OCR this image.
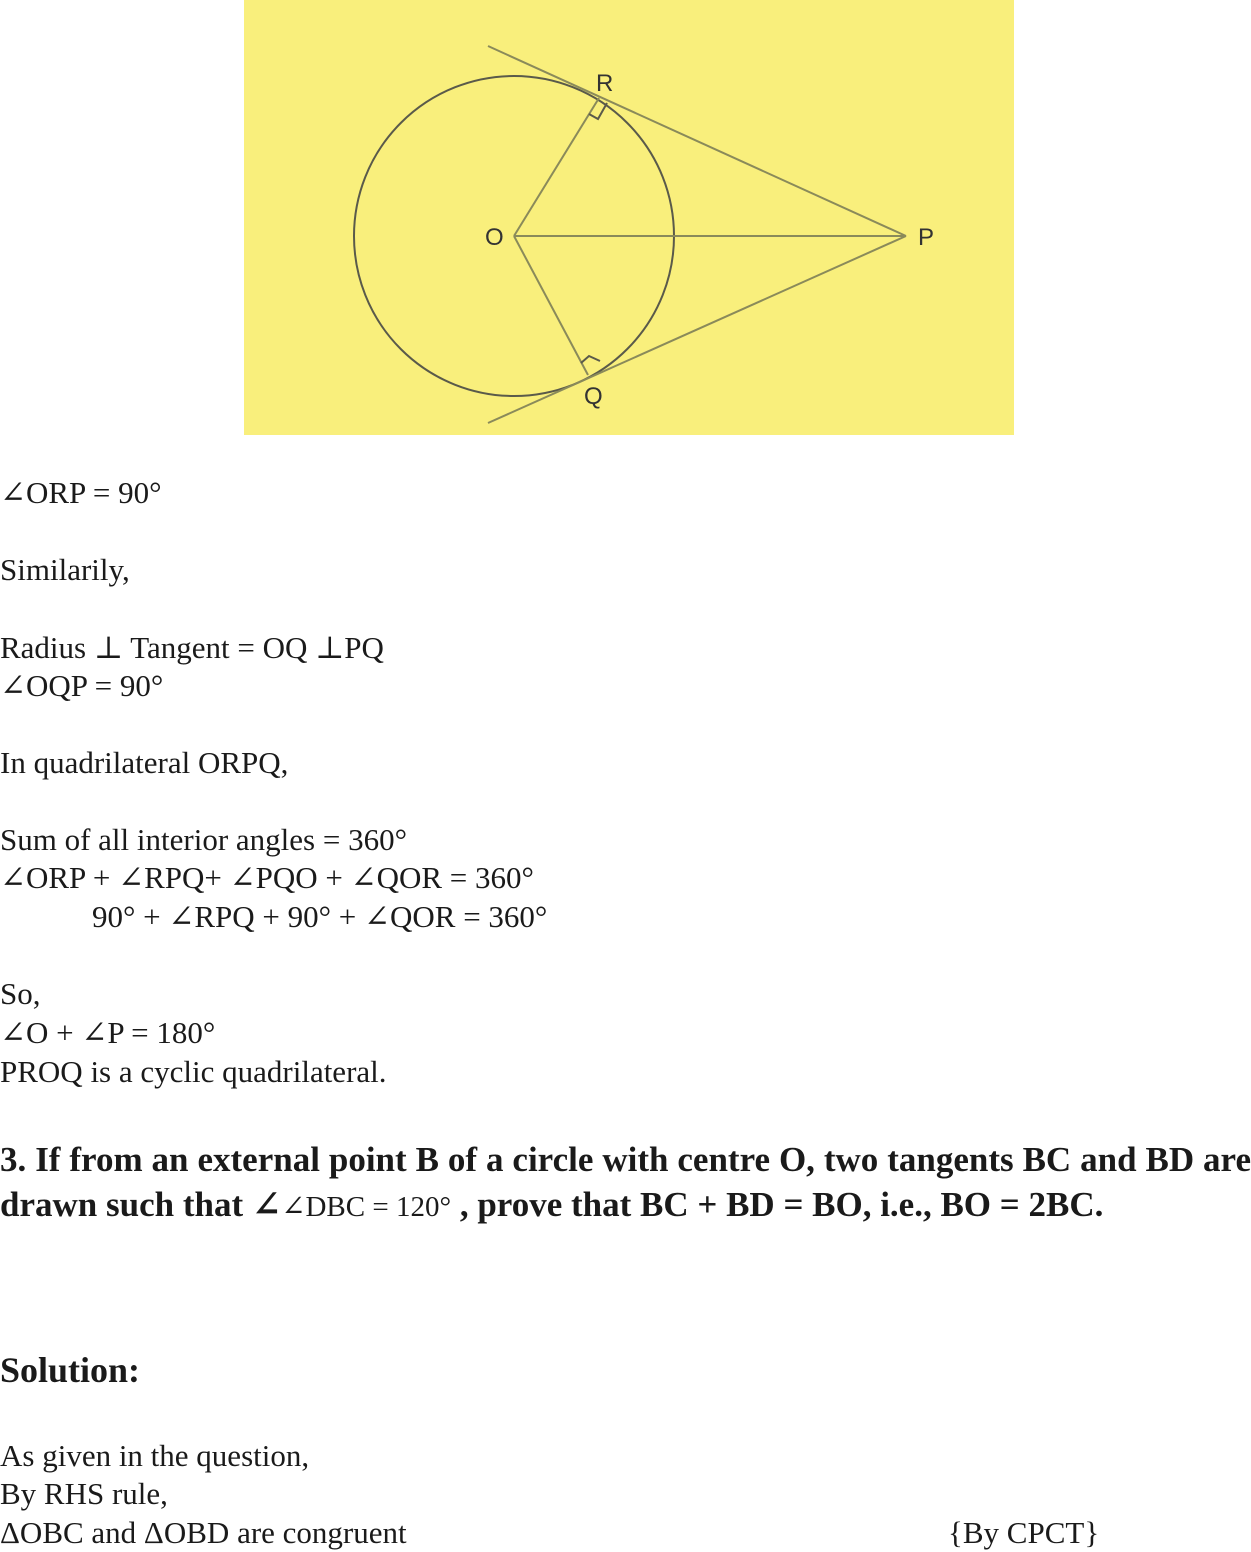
R
O	P
Q
∠ORP = 90°
Similarily,
Radius ⊥ Tangent = OQ ⊥PQ
∠OQP = 90°
In quadrilateral ORPQ,
Sum of all interior angles = 360°
∠ORP + ∠RPQ+ ∠PQO + ∠QOR = 360°
90° + ∠RPQ + 90° + ∠QOR = 360°
So,
∠O + ∠P = 180°
PROQ is a cyclic quadrilateral.
3. If from an external point B of a circle with centre O, two tangents BC and BD are drawn such that ∠∠DBC = 120° , prove that BC + BD = BO, i.e., BO = 2BC.
Solution:
As given in the question,
By RHS rule,
ΔOBC and ΔOBD are congruent	{By CPCT}
